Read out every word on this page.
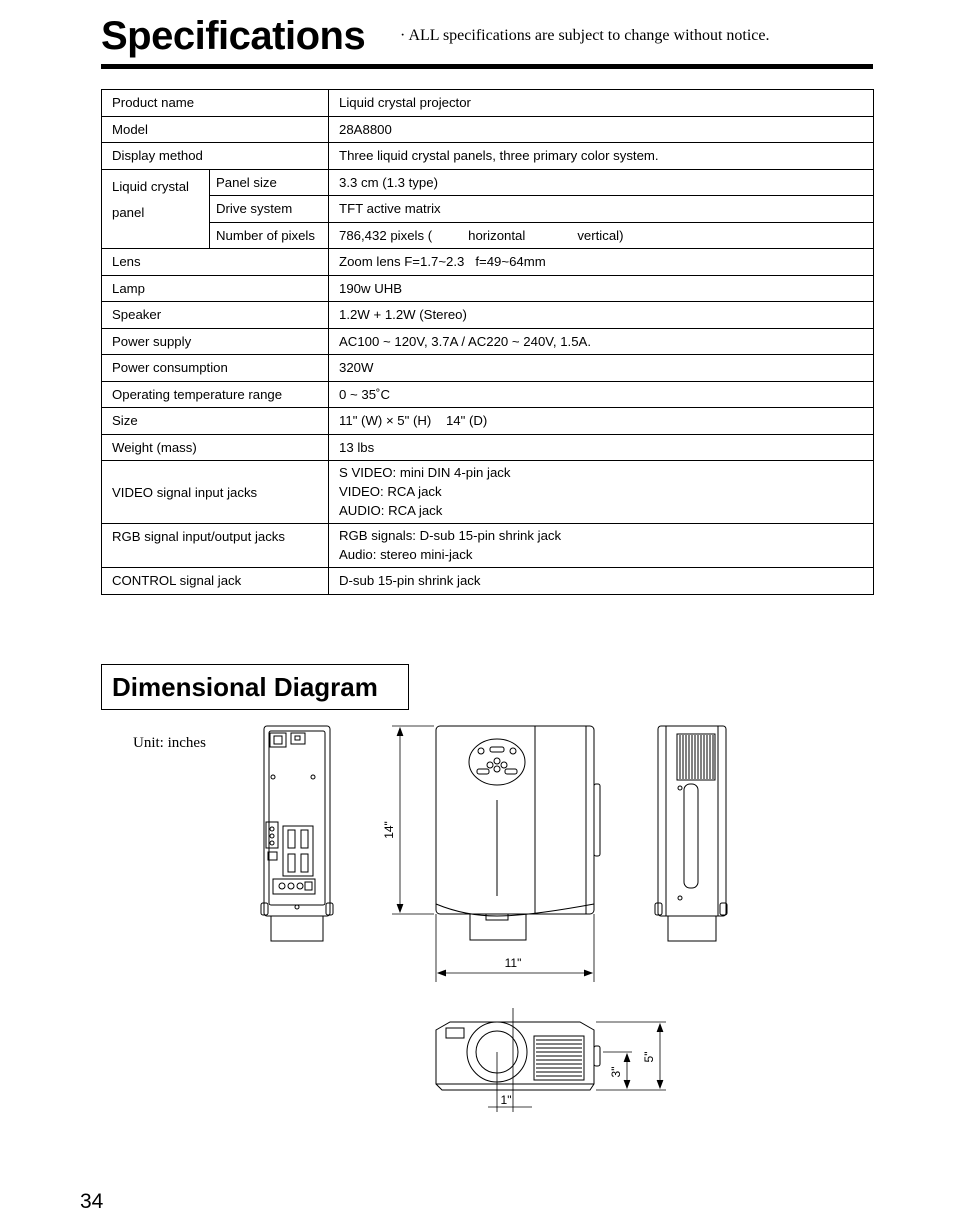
Specifications · ALL specifications are subject to change without notice.
Product name		Liquid crystal projector
Model		28A8800
Display method		Three liquid crystal panels, three primary color system.

Liquid crystal
panel	Panel size	3.3 cm (1.3 type)
	Drive system	TFT active matrix
	Number of pixels	786,432 pixels ( horizontal vertical)
Lens		Zoom lens F=1.7~2.3   f=49~64mm
Lamp		190w UHB
Speaker		1.2W + 1.2W (Stereo)
Power supply		AC100 ~ 120V, 3.7A / AC220 ~ 240V, 1.5A.
Power consumption		320W
Operating temperature range		0 ~ 35˚C
Size		11" (W) × 5" (H)    14" (D)
Weight (mass)		13 lbs
VIDEO signal input jacks		S VIDEO: mini DIN 4-pin jack
VIDEO: RCA jack
AUDIO: RCA jack

RGB signal input/output jacks		RGB signals: D-sub 15-pin shrink jack
Audio: stereo mini-jack

CONTROL signal jack		D-sub 15-pin shrink jack
Dimensional Diagram
Unit: inches
14"
11"
5"
3"
1"
34
